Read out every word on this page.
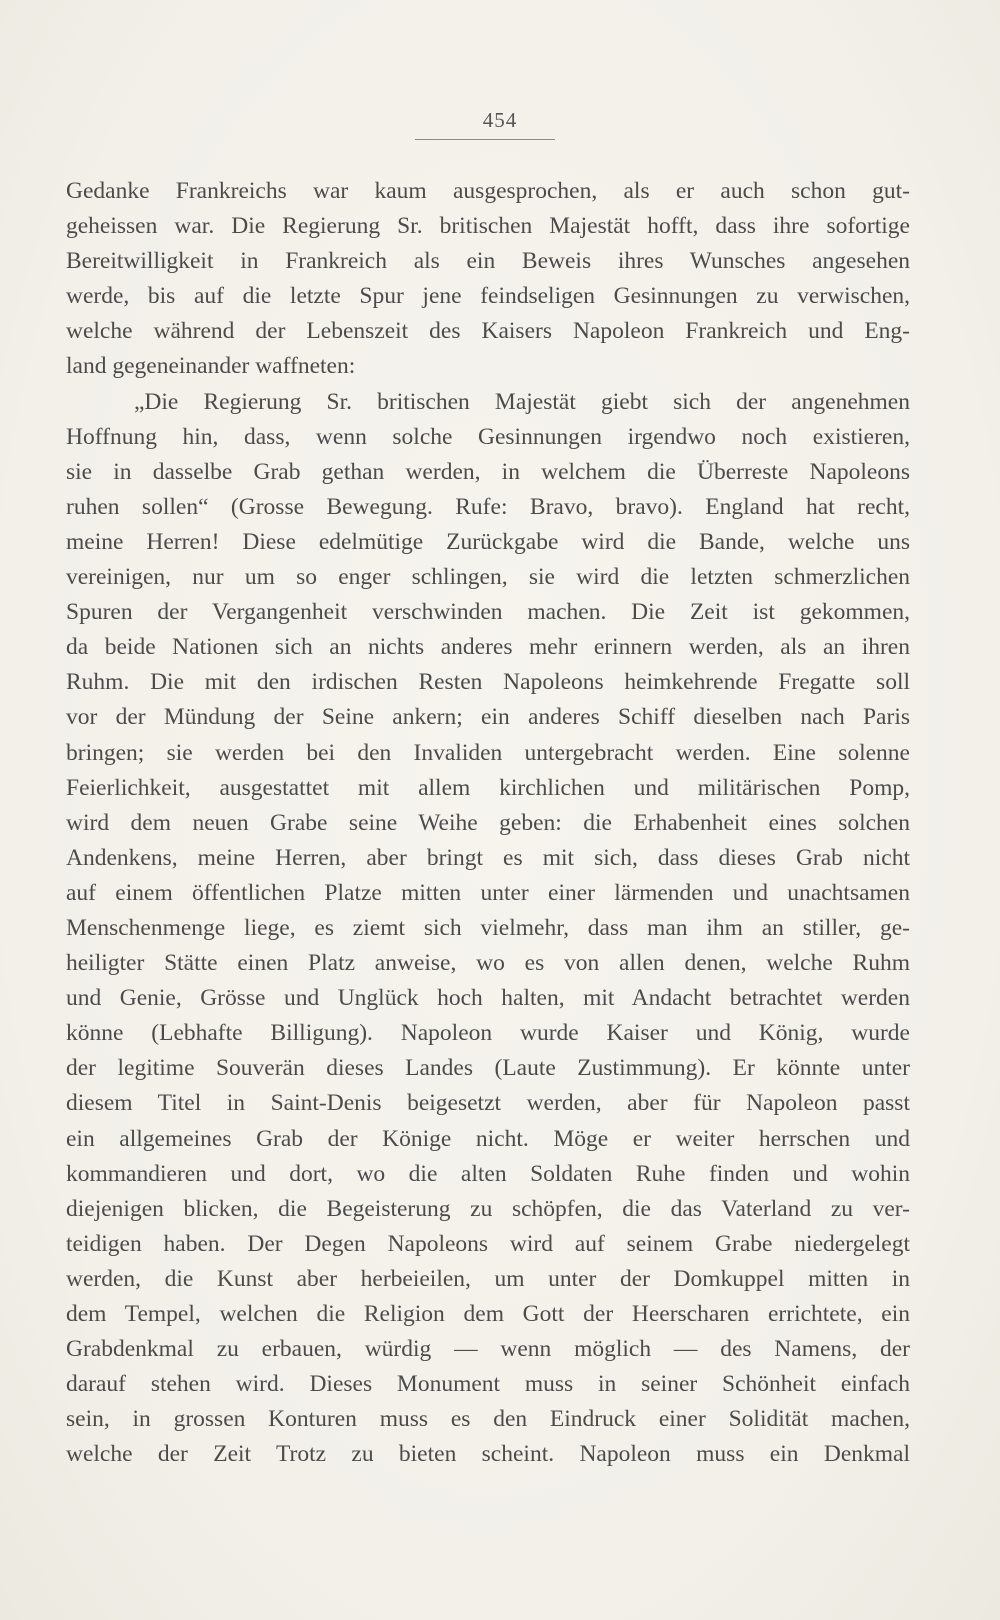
454
Gedanke Frankreichs war kaum ausgesprochen, als er auch schon gut-
geheissen war. Die Regierung Sr. britischen Majestät hofft, dass ihre sofortige
Bereitwilligkeit in Frankreich als ein Beweis ihres Wunsches angesehen
werde, bis auf die letzte Spur jene feindseligen Gesinnungen zu verwischen,
welche während der Lebenszeit des Kaisers Napoleon Frankreich und Eng-
land gegeneinander waffneten:
„Die Regierung Sr. britischen Majestät giebt sich der angenehmen
Hoffnung hin, dass, wenn solche Gesinnungen irgendwo noch existieren,
sie in dasselbe Grab gethan werden, in welchem die Überreste Napoleons
ruhen sollen“ (Grosse Bewegung. Rufe: Bravo, bravo). England hat recht,
meine Herren! Diese edelmütige Zurückgabe wird die Bande, welche uns
vereinigen, nur um so enger schlingen, sie wird die letzten schmerzlichen
Spuren der Vergangenheit verschwinden machen. Die Zeit ist gekommen,
da beide Nationen sich an nichts anderes mehr erinnern werden, als an ihren
Ruhm. Die mit den irdischen Resten Napoleons heimkehrende Fregatte soll
vor der Mündung der Seine ankern; ein anderes Schiff dieselben nach Paris
bringen; sie werden bei den Invaliden untergebracht werden. Eine solenne
Feierlichkeit, ausgestattet mit allem kirchlichen und militärischen Pomp,
wird dem neuen Grabe seine Weihe geben: die Erhabenheit eines solchen
Andenkens, meine Herren, aber bringt es mit sich, dass dieses Grab nicht
auf einem öffentlichen Platze mitten unter einer lärmenden und unachtsamen
Menschenmenge liege, es ziemt sich vielmehr, dass man ihm an stiller, ge-
heiligter Stätte einen Platz anweise, wo es von allen denen, welche Ruhm
und Genie, Grösse und Unglück hoch halten, mit Andacht betrachtet werden
könne (Lebhafte Billigung). Napoleon wurde Kaiser und König, wurde
der legitime Souverän dieses Landes (Laute Zustimmung). Er könnte unter
diesem Titel in Saint-Denis beigesetzt werden, aber für Napoleon passt
ein allgemeines Grab der Könige nicht. Möge er weiter herrschen und
kommandieren und dort, wo die alten Soldaten Ruhe finden und wohin
diejenigen blicken, die Begeisterung zu schöpfen, die das Vaterland zu ver-
teidigen haben. Der Degen Napoleons wird auf seinem Grabe niedergelegt
werden, die Kunst aber herbeieilen, um unter der Domkuppel mitten in
dem Tempel, welchen die Religion dem Gott der Heerscharen errichtete, ein
Grabdenkmal zu erbauen, würdig — wenn möglich — des Namens, der
darauf stehen wird. Dieses Monument muss in seiner Schönheit einfach
sein, in grossen Konturen muss es den Eindruck einer Solidität machen,
welche der Zeit Trotz zu bieten scheint. Napoleon muss ein Denkmal
